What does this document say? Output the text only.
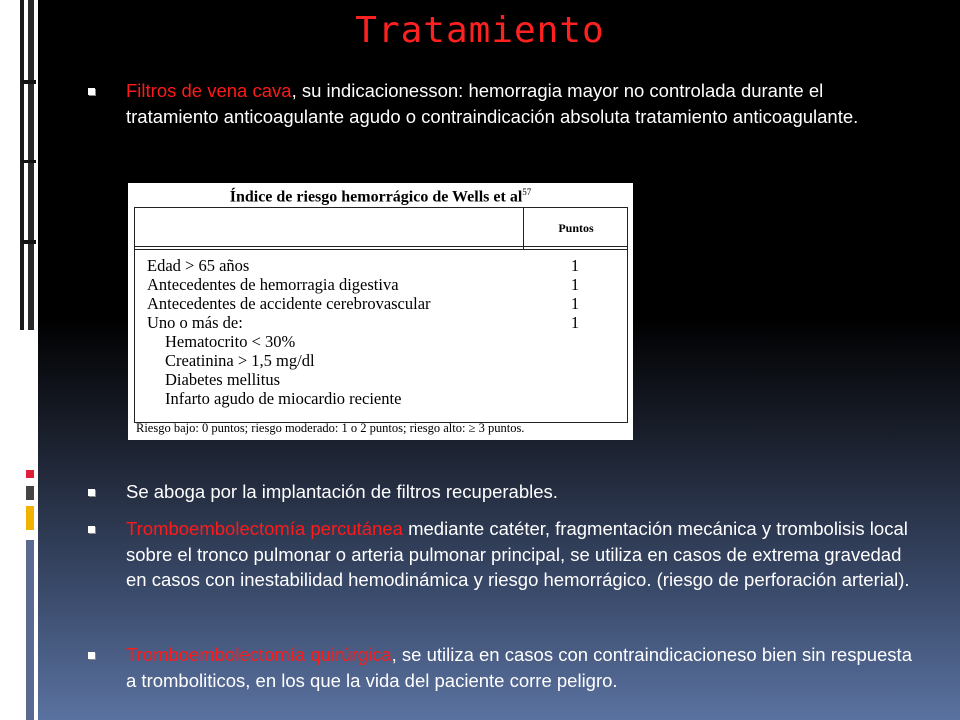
Tratamiento
Filtros de vena cava, su indicacionesson: hemorragia mayor no controlada durante el tratamiento anticoagulante agudo o contraindicación absoluta tratamiento anticoagulante.
Índice de riesgo hemorrágico de Wells et $al^{57}$
Puntos
Edad > 65 años	1
Antecedentes de hemorragia digestiva	1
Antecedentes de accidente cerebrovascular	1
Uno o más de:	1
Hematocrito < 30%
Creatinina > 1,5 mg/dl
Diabetes mellitus
Infarto agudo de miocardio reciente
Riesgo bajo: 0 puntos; riesgo moderado: 1 o 2 puntos; riesgo alto: ≥ 3 puntos.
Se aboga por la implantación de filtros recuperables.
Tromboembolectomía percutánea mediante catéter, fragmentación mecánica y trombolisis local sobre el tronco pulmonar o arteria pulmonar principal, se utiliza en casos de extrema gravedad en casos con inestabilidad hemodinámica y riesgo hemorrágico. (riesgo de perforación arterial).
Tromboembolectomía quirúrgica, se utiliza en casos con contraindicacioneso bien sin respuesta a tromboliticos, en los que la vida del paciente corre peligro.
